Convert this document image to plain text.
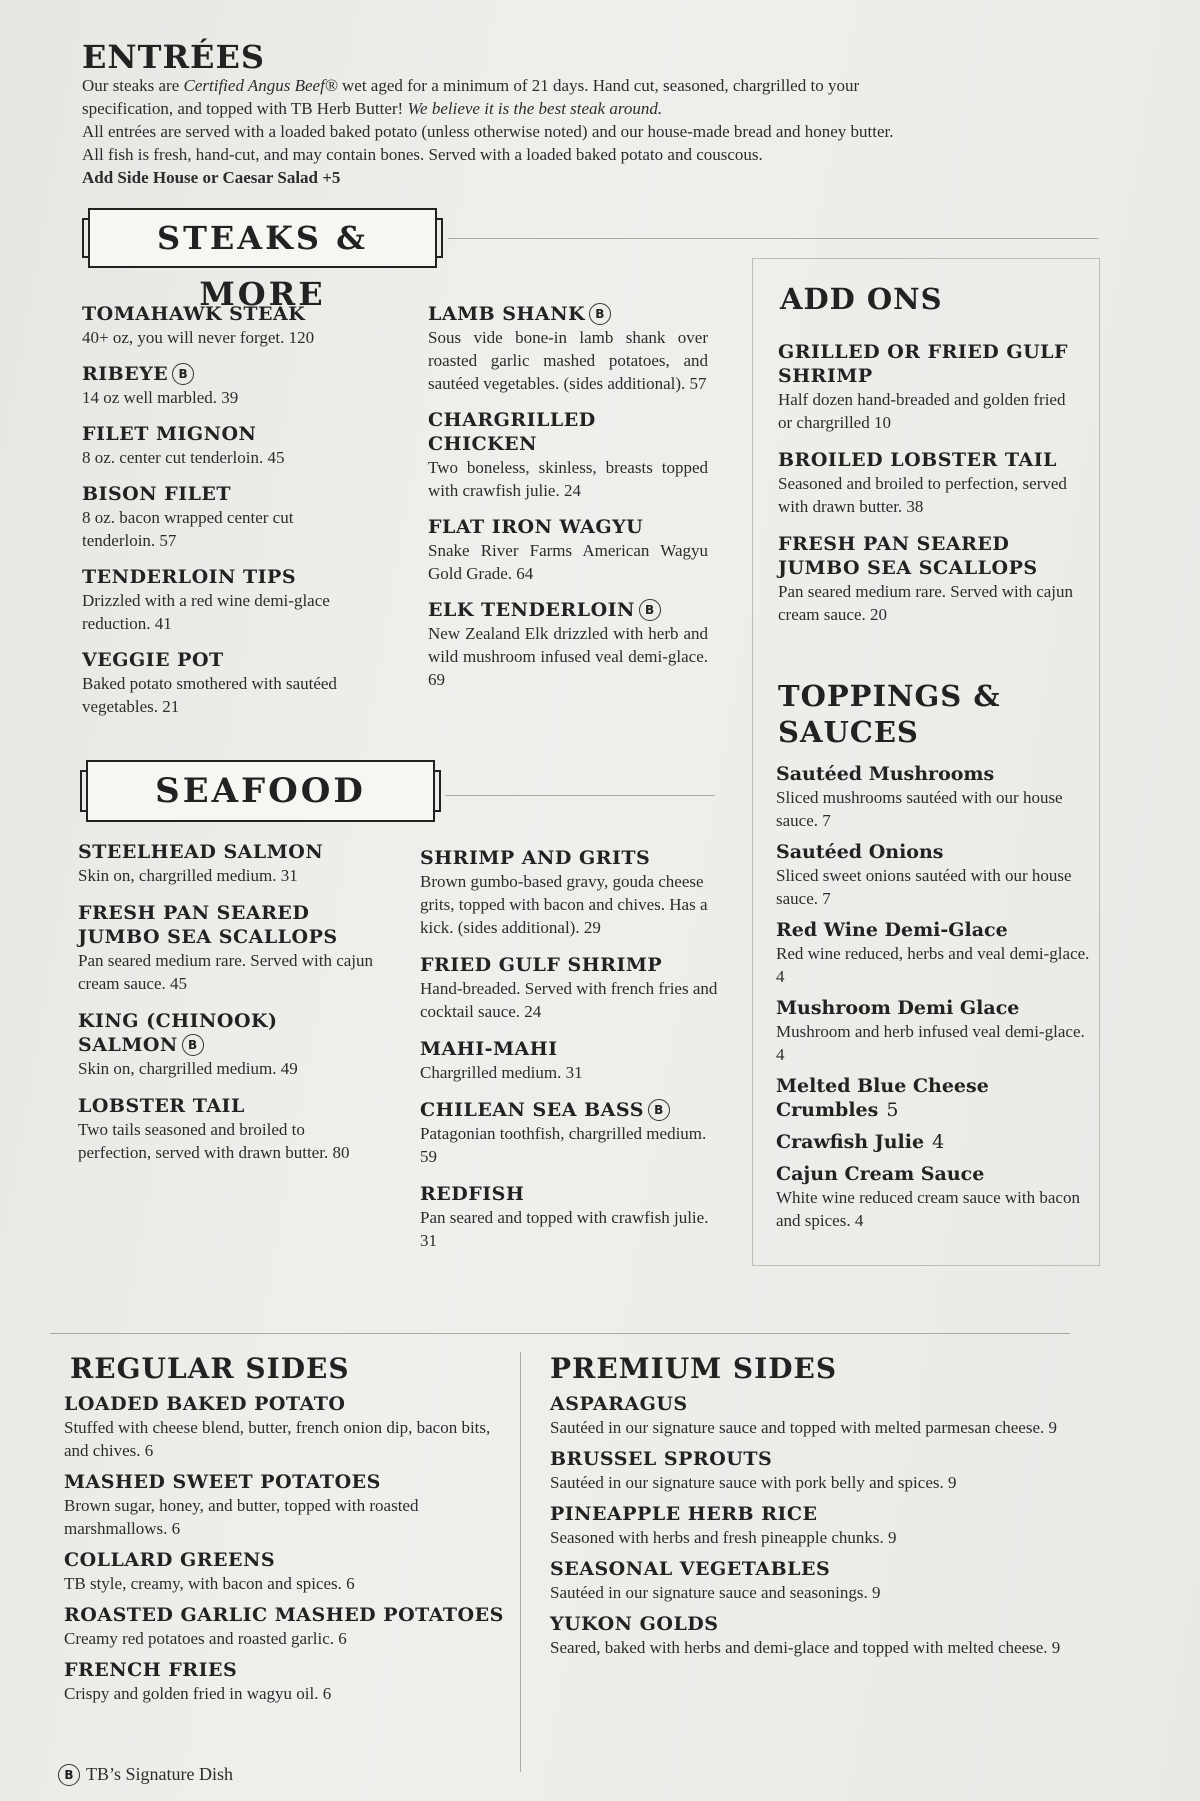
ENTRÉES
Our steaks are Certified Angus Beef® wet aged for a minimum of 21 days. Hand cut, seasoned, chargrilled to your
specification, and topped with TB Herb Butter! We believe it is the best steak around.
All entrées are served with a loaded baked potato (unless otherwise noted) and our house-made bread and honey butter.
All fish is fresh, hand-cut, and may contain bones. Served with a loaded baked potato and couscous.
Add Side House or Caesar Salad +5
STEAKS & MORE
TOMAHAWK STEAK
40+ oz, you will never forget. 120
RIBEYE B
14 oz well marbled. 39
FILET MIGNON
8 oz. center cut tenderloin. 45
BISON FILET
8 oz. bacon wrapped center cut tenderloin. 57
TENDERLOIN TIPS
Drizzled with a red wine demi-glace reduction. 41
VEGGIE POT
Baked potato smothered with sautéed vegetables. 21
LAMB SHANK B
Sous vide bone-in lamb shank over roasted garlic mashed potatoes, and sautéed vegetables. (sides additional). 57
CHARGRILLED CHICKEN
Two boneless, skinless, breasts topped with crawfish julie. 24
FLAT IRON WAGYU
Snake River Farms American Wagyu Gold Grade. 64
ELK TENDERLOIN B
New Zealand Elk drizzled with herb and wild mushroom infused veal demi-glace. 69
ADD ONS
GRILLED OR FRIED GULF SHRIMP
Half dozen hand-breaded and golden fried or chargrilled 10
BROILED LOBSTER TAIL
Seasoned and broiled to perfection, served with drawn butter. 38
FRESH PAN SEARED JUMBO SEA SCALLOPS
Pan seared medium rare. Served with cajun cream sauce. 20
TOPPINGS & SAUCES
Sautéed Mushrooms
Sliced mushrooms sautéed with our house sauce. 7
Sautéed Onions
Sliced sweet onions sautéed with our house sauce. 7
Red Wine Demi-Glace
Red wine reduced, herbs and veal demi-glace. 4
Mushroom Demi Glace
Mushroom and herb infused veal demi-glace. 4
Melted Blue Cheese Crumbles 5
Crawfish Julie 4
Cajun Cream Sauce
White wine reduced cream sauce with bacon and spices. 4
SEAFOOD
STEELHEAD SALMON
Skin on, chargrilled medium. 31
FRESH PAN SEARED JUMBO SEA SCALLOPS
Pan seared medium rare. Served with cajun cream sauce. 45
KING (CHINOOK) SALMON B
Skin on, chargrilled medium. 49
LOBSTER TAIL
Two tails seasoned and broiled to perfection, served with drawn butter. 80
SHRIMP AND GRITS
Brown gumbo-based gravy, gouda cheese grits, topped with bacon and chives. Has a kick. (sides additional). 29
FRIED GULF SHRIMP
Hand-breaded. Served with french fries and cocktail sauce. 24
MAHI-MAHI
Chargrilled medium. 31
CHILEAN SEA BASS B
Patagonian toothfish, chargrilled medium. 59
REDFISH
Pan seared and topped with crawfish julie. 31
REGULAR SIDES
LOADED BAKED POTATO
Stuffed with cheese blend, butter, french onion dip, bacon bits, and chives. 6
MASHED SWEET POTATOES
Brown sugar, honey, and butter, topped with roasted marshmallows. 6
COLLARD GREENS
TB style, creamy, with bacon and spices. 6
ROASTED GARLIC MASHED POTATOES
Creamy red potatoes and roasted garlic. 6
FRENCH FRIES
Crispy and golden fried in wagyu oil. 6
PREMIUM SIDES
ASPARAGUS
Sautéed in our signature sauce and topped with melted parmesan cheese. 9
BRUSSEL SPROUTS
Sautéed in our signature sauce with pork belly and spices. 9
PINEAPPLE HERB RICE
Seasoned with herbs and fresh pineapple chunks. 9
SEASONAL VEGETABLES
Sautéed in our signature sauce and seasonings. 9
YUKON GOLDS
Seared, baked with herbs and demi-glace and topped with melted cheese. 9
B TB’s Signature Dish
